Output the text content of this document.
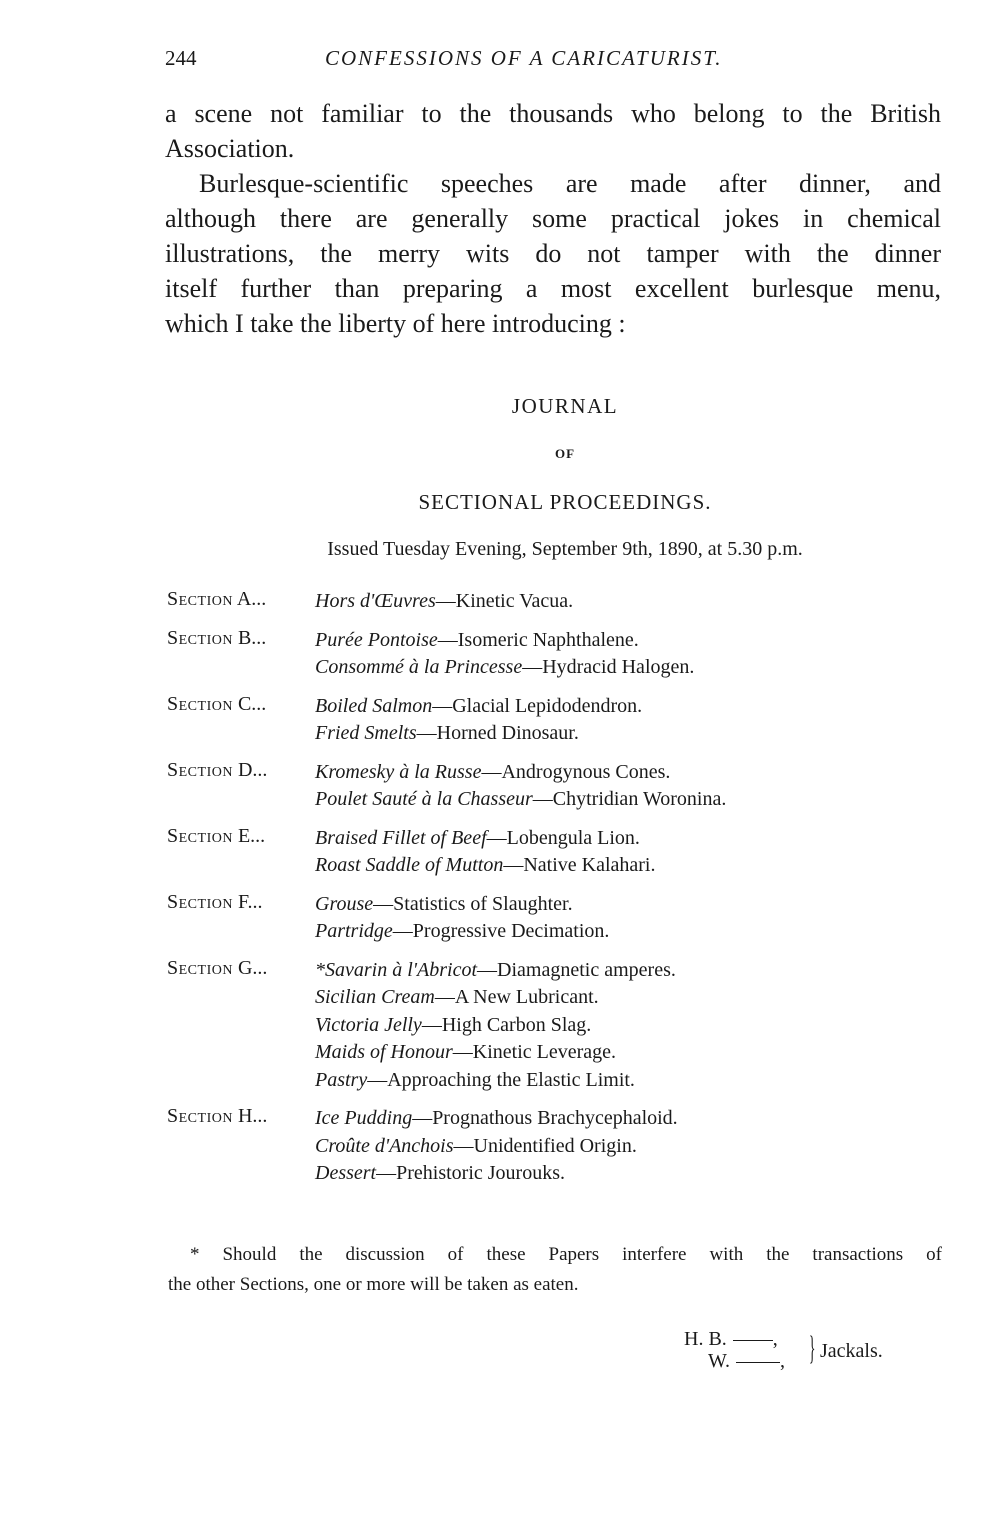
244	CONFESSIONS OF A CARICATURIST.
a scene not familiar to the thousands who belong to the British
Association.
Burlesque-scientific speeches are made after dinner, and
although there are generally some practical jokes in chemical
illustrations, the merry wits do not tamper with the dinner
itself further than preparing a most excellent burlesque menu,
which I take the liberty of here introducing :
JOURNAL
OF
SECTIONAL PROCEEDINGS.
Issued Tuesday Evening, September 9th, 1890, at 5.30 p.m.
Section A... Hors d'Œuvres—Kinetic Vacua.
Section B... Purée Pontoise—Isomeric Naphthalene.
Consommé à la Princesse—Hydracid Halogen.
Section C... Boiled Salmon—Glacial Lepidodendron.
Fried Smelts—Horned Dinosaur.
Section D... Kromesky à la Russe—Androgynous Cones.
Poulet Sauté à la Chasseur—Chytridian Woronina.
Section E... Braised Fillet of Beef—Lobengula Lion.
Roast Saddle of Mutton—Native Kalahari.
Section F...	Grouse—Statistics of Slaughter.
Partridge—Progressive Decimation.
Section G... *Savarin à l'Abricot—Diamagnetic amperes.
Sicilian Cream—A New Lubricant.
Victoria Jelly—High Carbon Slag.
Maids of Honour—Kinetic Leverage.
Pastry—Approaching the Elastic Limit.
Section H... Ice Pudding—Prognathous Brachycephaloid.
Croûte d'Anchois—Unidentified Origin.
Dessert—Prehistoric Jourouks.
* Should the discussion of these Papers interfere with the transactions of
the other Sections, one or more will be taken as eaten.
H. B. ,
W.	, } Jackals.
